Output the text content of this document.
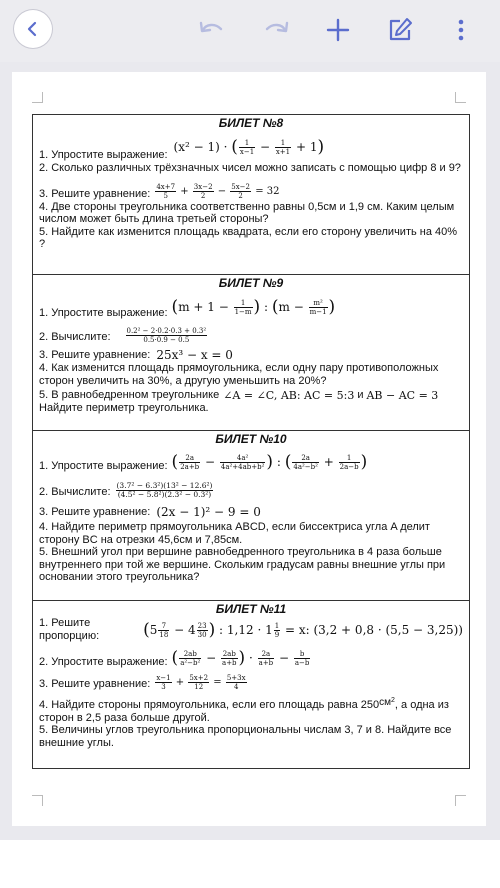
БИЛЕТ №8
1. Упростите выражение:
(x² − 1) · ( $\frac{1}{x-1} - \frac{1}{x+1} + 1$)

2. Сколько различных трёхзначных чисел можно записать с помощью цифр 8 и 9?

3. Решите уравнение: $\frac{4x+7}{5} + \frac{3x-2}{2} - \frac{5x-2}{2} = 32$

4. Две стороны треугольника соответственно равны 0,5см и 1,9 см. Каким целым числом может быть длина третьей стороны?

5. Найдите как изменится площадь квадрата, если его сторону увеличить на 40% ?

БИЛЕТ №9
1. Упростите выражение: ($m + 1 - \frac{1}{1-m}$ ) : ($m - \frac{\text{m²}}{m-1}$ )
2. Вычислите: $\frac{\text{0.2² − 2·0.2·0.3 + 0.3²}}{0.5\cdot 0.9 - 0.5}$
3. Решите уравнение: 25x³ − x = 0

4. Как изменится площадь прямоугольника, если одну пару противоположных сторон увеличить на 30%, а другую уменьшить на 20%?

5. В равнобедренном треугольнике ∠A = ∠C, AB: AC = 5:3 и AB − AC = 3

Найдите периметр треугольника.

БИЛЕТ №10
1. Упростите выражение: ( $\frac{2a}{2a+b} - \frac{\text{4a²}}{\text{4a²+4ab+b²}}$ ) : ( $\frac{2a}{\text{4a²−b²}} + \frac{1}{2a-b}$ )
2. Вычислите: $\frac{\text{(3.7² − 6.3²)(13² − 12.6²)}}{\text{(4.5² − 5.8²)(2.3² − 0.3²)}}$
3. Решите уравнение: (2x − 1)² − 9 = 0

4. Найдите периметр прямоугольника ABCD, если биссектриса угла A делит сторону BC на отрезки 45,6см и 7,85см.

5. Внешний угол при вершине равнобедренного треугольника в 4 раза больше внутреннего при той же вершине. Скольким градусам равны внешние углы при основании этого треугольника?

БИЛЕТ №11
1. Решите пропорцию:	($5 \frac{7}{18} - 4 \frac{23}{30}$ ) : $1,12 \cdot 1 \frac{1}{9} = x$: (3,2 + 0,8 · (5,5 − 3,25))
2. Упростите выражение: ( $\frac{2ab}{\text{a²−b²}} - \frac{2ab}{a+b}$ ) · $\frac{2a}{a+b} - \frac{b}{a-b}$
3. Решите уравнение: $\frac{x-1}{3} + \frac{5x+2}{12} = \frac{5+3x}{4}$

4. Найдите стороны прямоугольника, если его площадь равна $250см^2$, а одна из сторон в 2,5 раза больше другой.

5. Величины углов треугольника пропорциональны числам 3, 7 и 8. Найдите все внешние углы.
